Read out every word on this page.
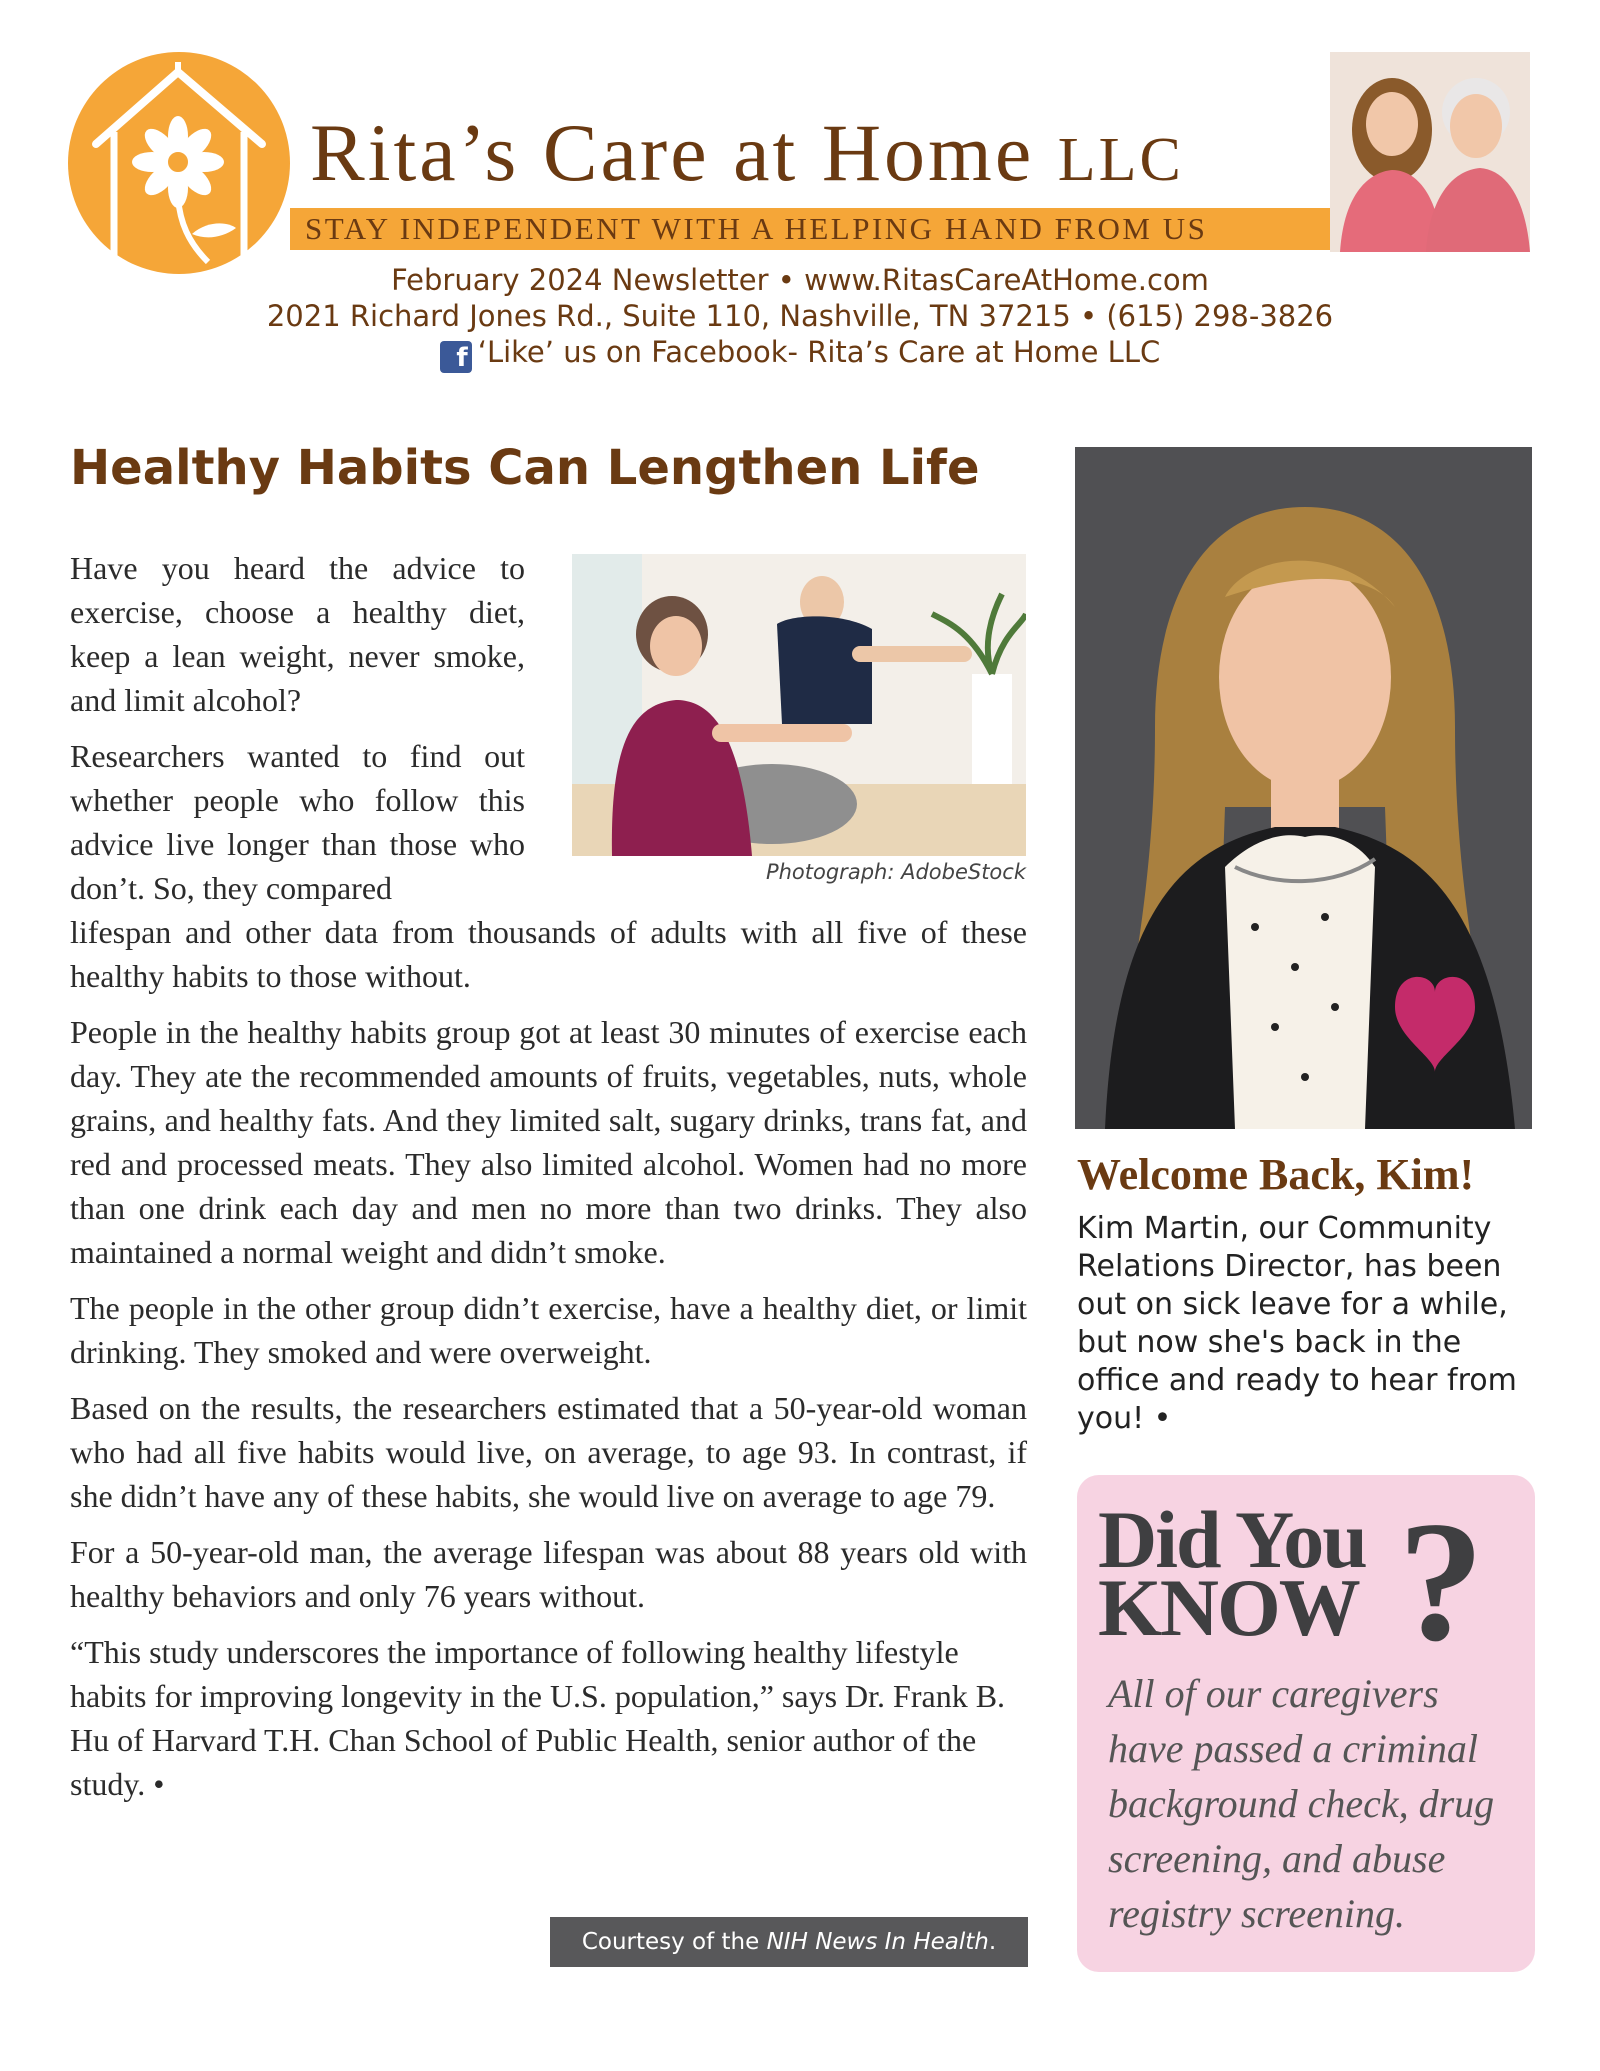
Rita’s Care at Home LLC
STAY INDEPENDENT WITH A HELPING HAND FROM US
February 2024 Newsletter • www.RitasCareAtHome.com
2021 Richard Jones Rd., Suite 110, Nashville, TN 37215 • (615) 298-3826
f ‘Like’ us on Facebook- Rita’s Care at Home LLC
Healthy Habits Can Lengthen Life

Have you heard the advice to exercise, choose a healthy diet, keep a lean weight, never smoke, and limit alcohol?

Researchers wanted to find out whether people who follow this advice live longer than those who don’t. So, they compared	Photograph: AdobeStock

lifespan and other data from thousands of adults with all five of these healthy habits to those without.

People in the healthy habits group got at least 30 minutes of exercise each day. They ate the recommended amounts of fruits, vegetables, nuts, whole grains, and healthy fats. And they limited salt, sugary drinks, trans fat, and red and processed meats. They also limited alcohol. Women had no more than one drink each day and men no more than two drinks. They also maintained a normal weight and didn’t smoke.

The people in the other group didn’t exercise, have a healthy diet, or limit drinking. They smoked and were overweight.

Based on the results, the researchers estimated that a 50-year-old woman who had all five habits would live, on average, to age 93. In contrast, if she didn’t have any of these habits, she would live on average to age 79.

For a 50-year-old man, the average lifespan was about 88 years old with healthy behaviors and only 76 years without.

“This study underscores the importance of following healthy lifestyle habits for improving longevity in the U.S. population,” says Dr. Frank B. Hu of Harvard T.H. Chan School of Public Health, senior author of the study. •

Courtesy of the NIH News In Health.
Welcome Back, Kim!
Kim Martin, our Community Relations Director, has been out on sick leave for a while, but now she's back in the office and ready to hear from you! •
Did You
KNOW ?
All of our caregivers have passed a criminal background check, drug screening, and abuse registry screening.
